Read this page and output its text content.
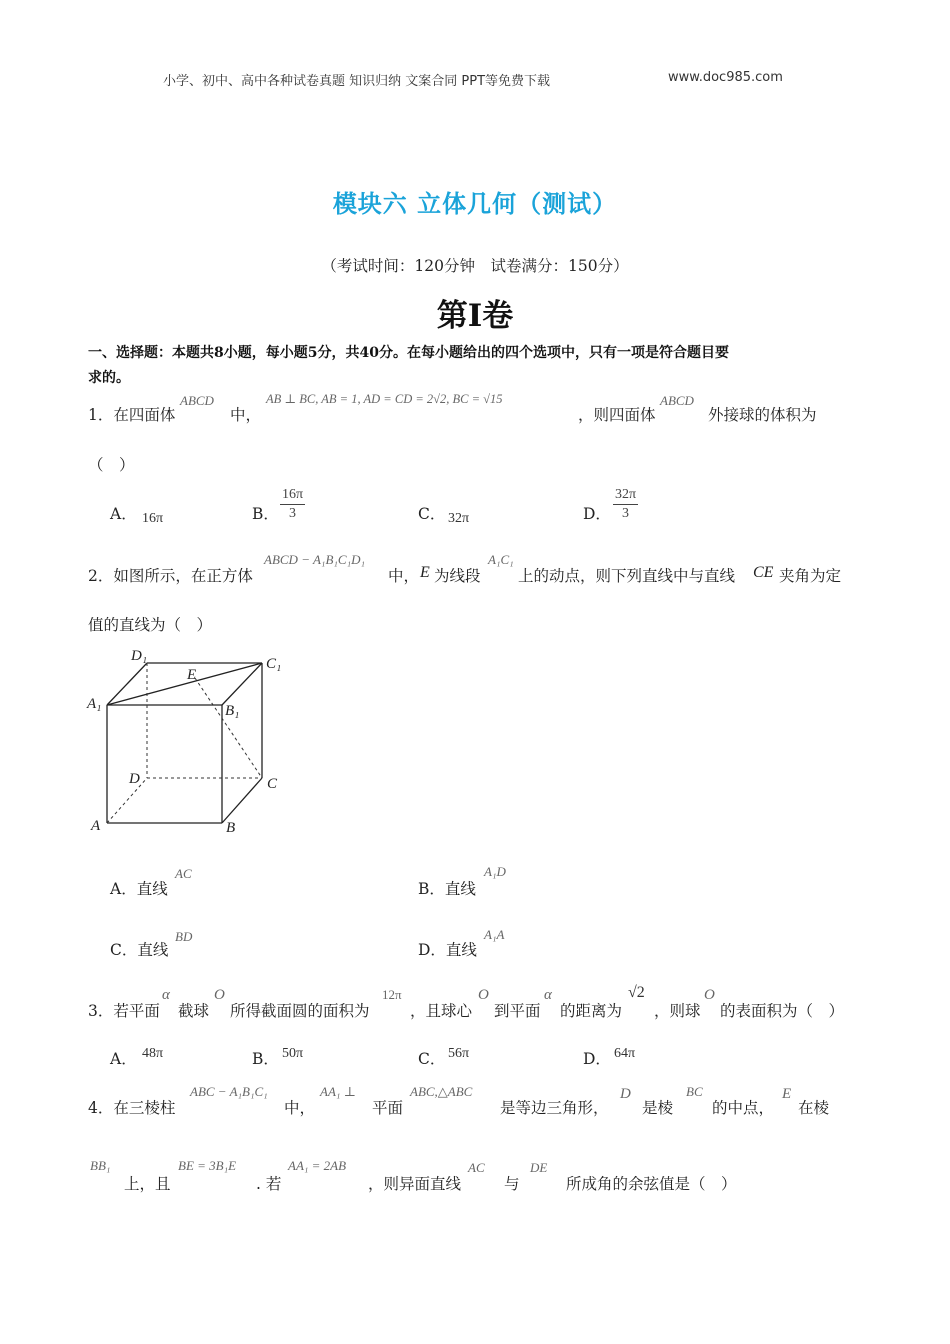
小学、初中、高中各种试卷真题 知识归纳 文案合同 PPT等免费下载	www.doc985.com
模块六 立体几何（测试）
（考试时间：120分钟　试卷满分：150分）
第Ⅰ卷
一、选择题：本题共8小题，每小题5分，共40分。在每小题给出的四个选项中，只有一项是符合题目要
求的。
1．在四面体
ABCD
中，
AB ⊥ BC, AB = 1, AD = CD = 2√2, BC = √15
，则四面体
ABCD
外接球的体积为
（　）
A． 16π	B． $\frac{16\pi}{3}$	C． 32π	D． $\frac{32\pi}{3}$
2．如图所示，在正方体
ABCD − A₁B₁C₁D₁
中， E 为线段
A₁C₁
上的动点，则下列直线中与直线 CE 夹角为定
值的直线为（　）
D₁	C₁
E
A₁	B₁
D	C
A	B
A．直线
AC
B．直线
A₁D
C．直线
BD
D．直线
A₁A
3．若平面
α
截球
O
所得截面圆的面积为
12π
，且球心
O
到平面
α
的距离为
√2
，则球
O
的表面积为（　）
A． 48π	B． 50π	C． 56π	D． 64π
4．在三棱柱
ABC − A₁B₁C₁
中，
AA₁ ⊥
平面
ABC,△ABC
是等边三角形，
D
是棱
BC
的中点，
E
在棱
BB₁
上，且
BE = 3B₁E
. 若
AA₁ = 2AB
，则异面直线
AC
与
DE
所成角的余弦值是（　）
